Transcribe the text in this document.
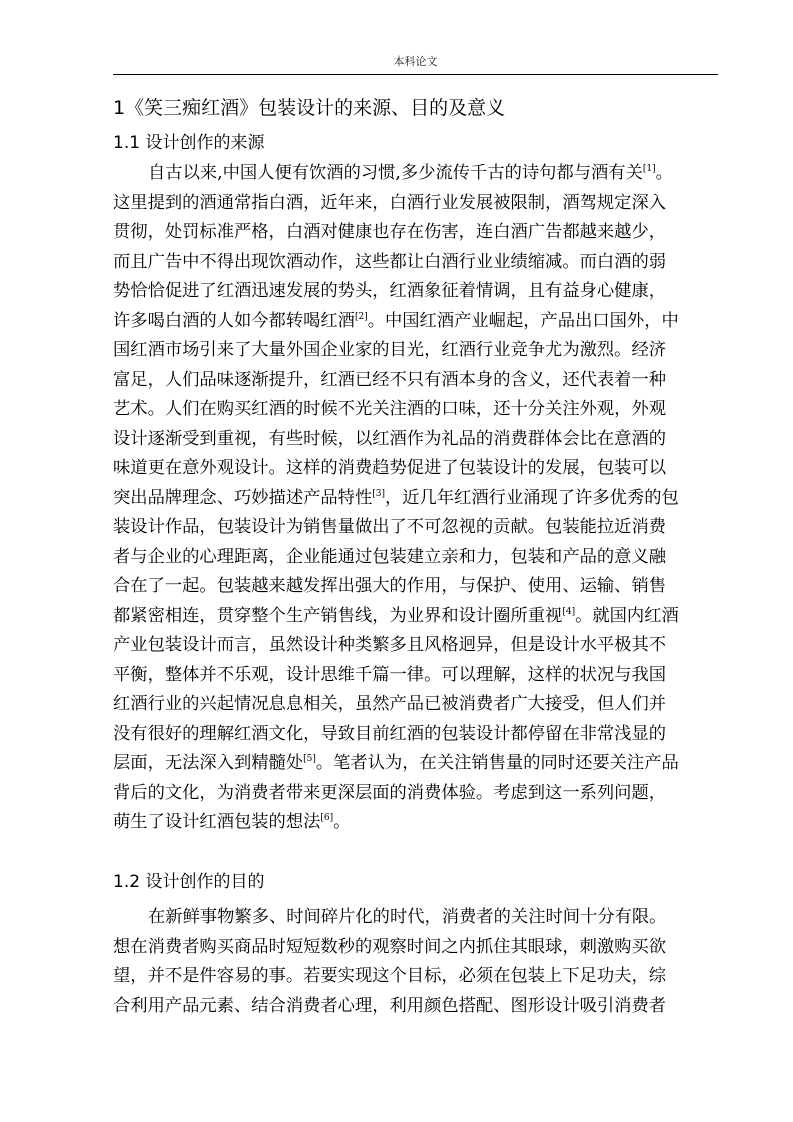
本科论文
1《笑三痴红酒》包装设计的来源、目的及意义
1.1 设计创作的来源
自古以来,中国人便有饮酒的习惯,多少流传千古的诗句都与酒有关[1]。
这里提到的酒通常指白酒，近年来，白酒行业发展被限制，酒驾规定深入
贯彻，处罚标准严格，白酒对健康也存在伤害，连白酒广告都越来越少，
而且广告中不得出现饮酒动作，这些都让白酒行业业绩缩减。而白酒的弱
势恰恰促进了红酒迅速发展的势头，红酒象征着情调，且有益身心健康，
许多喝白酒的人如今都转喝红酒[2]。中国红酒产业崛起，产品出口国外，中
国红酒市场引来了大量外国企业家的目光，红酒行业竞争尤为激烈。经济
富足，人们品味逐渐提升，红酒已经不只有酒本身的含义，还代表着一种
艺术。人们在购买红酒的时候不光关注酒的口味，还十分关注外观，外观
设计逐渐受到重视，有些时候，以红酒作为礼品的消费群体会比在意酒的
味道更在意外观设计。这样的消费趋势促进了包装设计的发展，包装可以
突出品牌理念、巧妙描述产品特性[3]，近几年红酒行业涌现了许多优秀的包
装设计作品，包装设计为销售量做出了不可忽视的贡献。包装能拉近消费
者与企业的心理距离，企业能通过包装建立亲和力，包装和产品的意义融
合在了一起。包装越来越发挥出强大的作用，与保护、使用、运输、销售
都紧密相连，贯穿整个生产销售线，为业界和设计圈所重视[4]。就国内红酒
产业包装设计而言，虽然设计种类繁多且风格迥异，但是设计水平极其不
平衡，整体并不乐观，设计思维千篇一律。可以理解，这样的状况与我国
红酒行业的兴起情况息息相关，虽然产品已被消费者广大接受，但人们并
没有很好的理解红酒文化，导致目前红酒的包装设计都停留在非常浅显的
层面，无法深入到精髓处[5]。笔者认为，在关注销售量的同时还要关注产品
背后的文化，为消费者带来更深层面的消费体验。考虑到这一系列问题，
萌生了设计红酒包装的想法[6]。
1.2 设计创作的目的
在新鲜事物繁多、时间碎片化的时代，消费者的关注时间十分有限。
想在消费者购买商品时短短数秒的观察时间之内抓住其眼球，刺激购买欲
望，并不是件容易的事。若要实现这个目标，必须在包装上下足功夫，综
合利用产品元素、结合消费者心理，利用颜色搭配、图形设计吸引消费者
